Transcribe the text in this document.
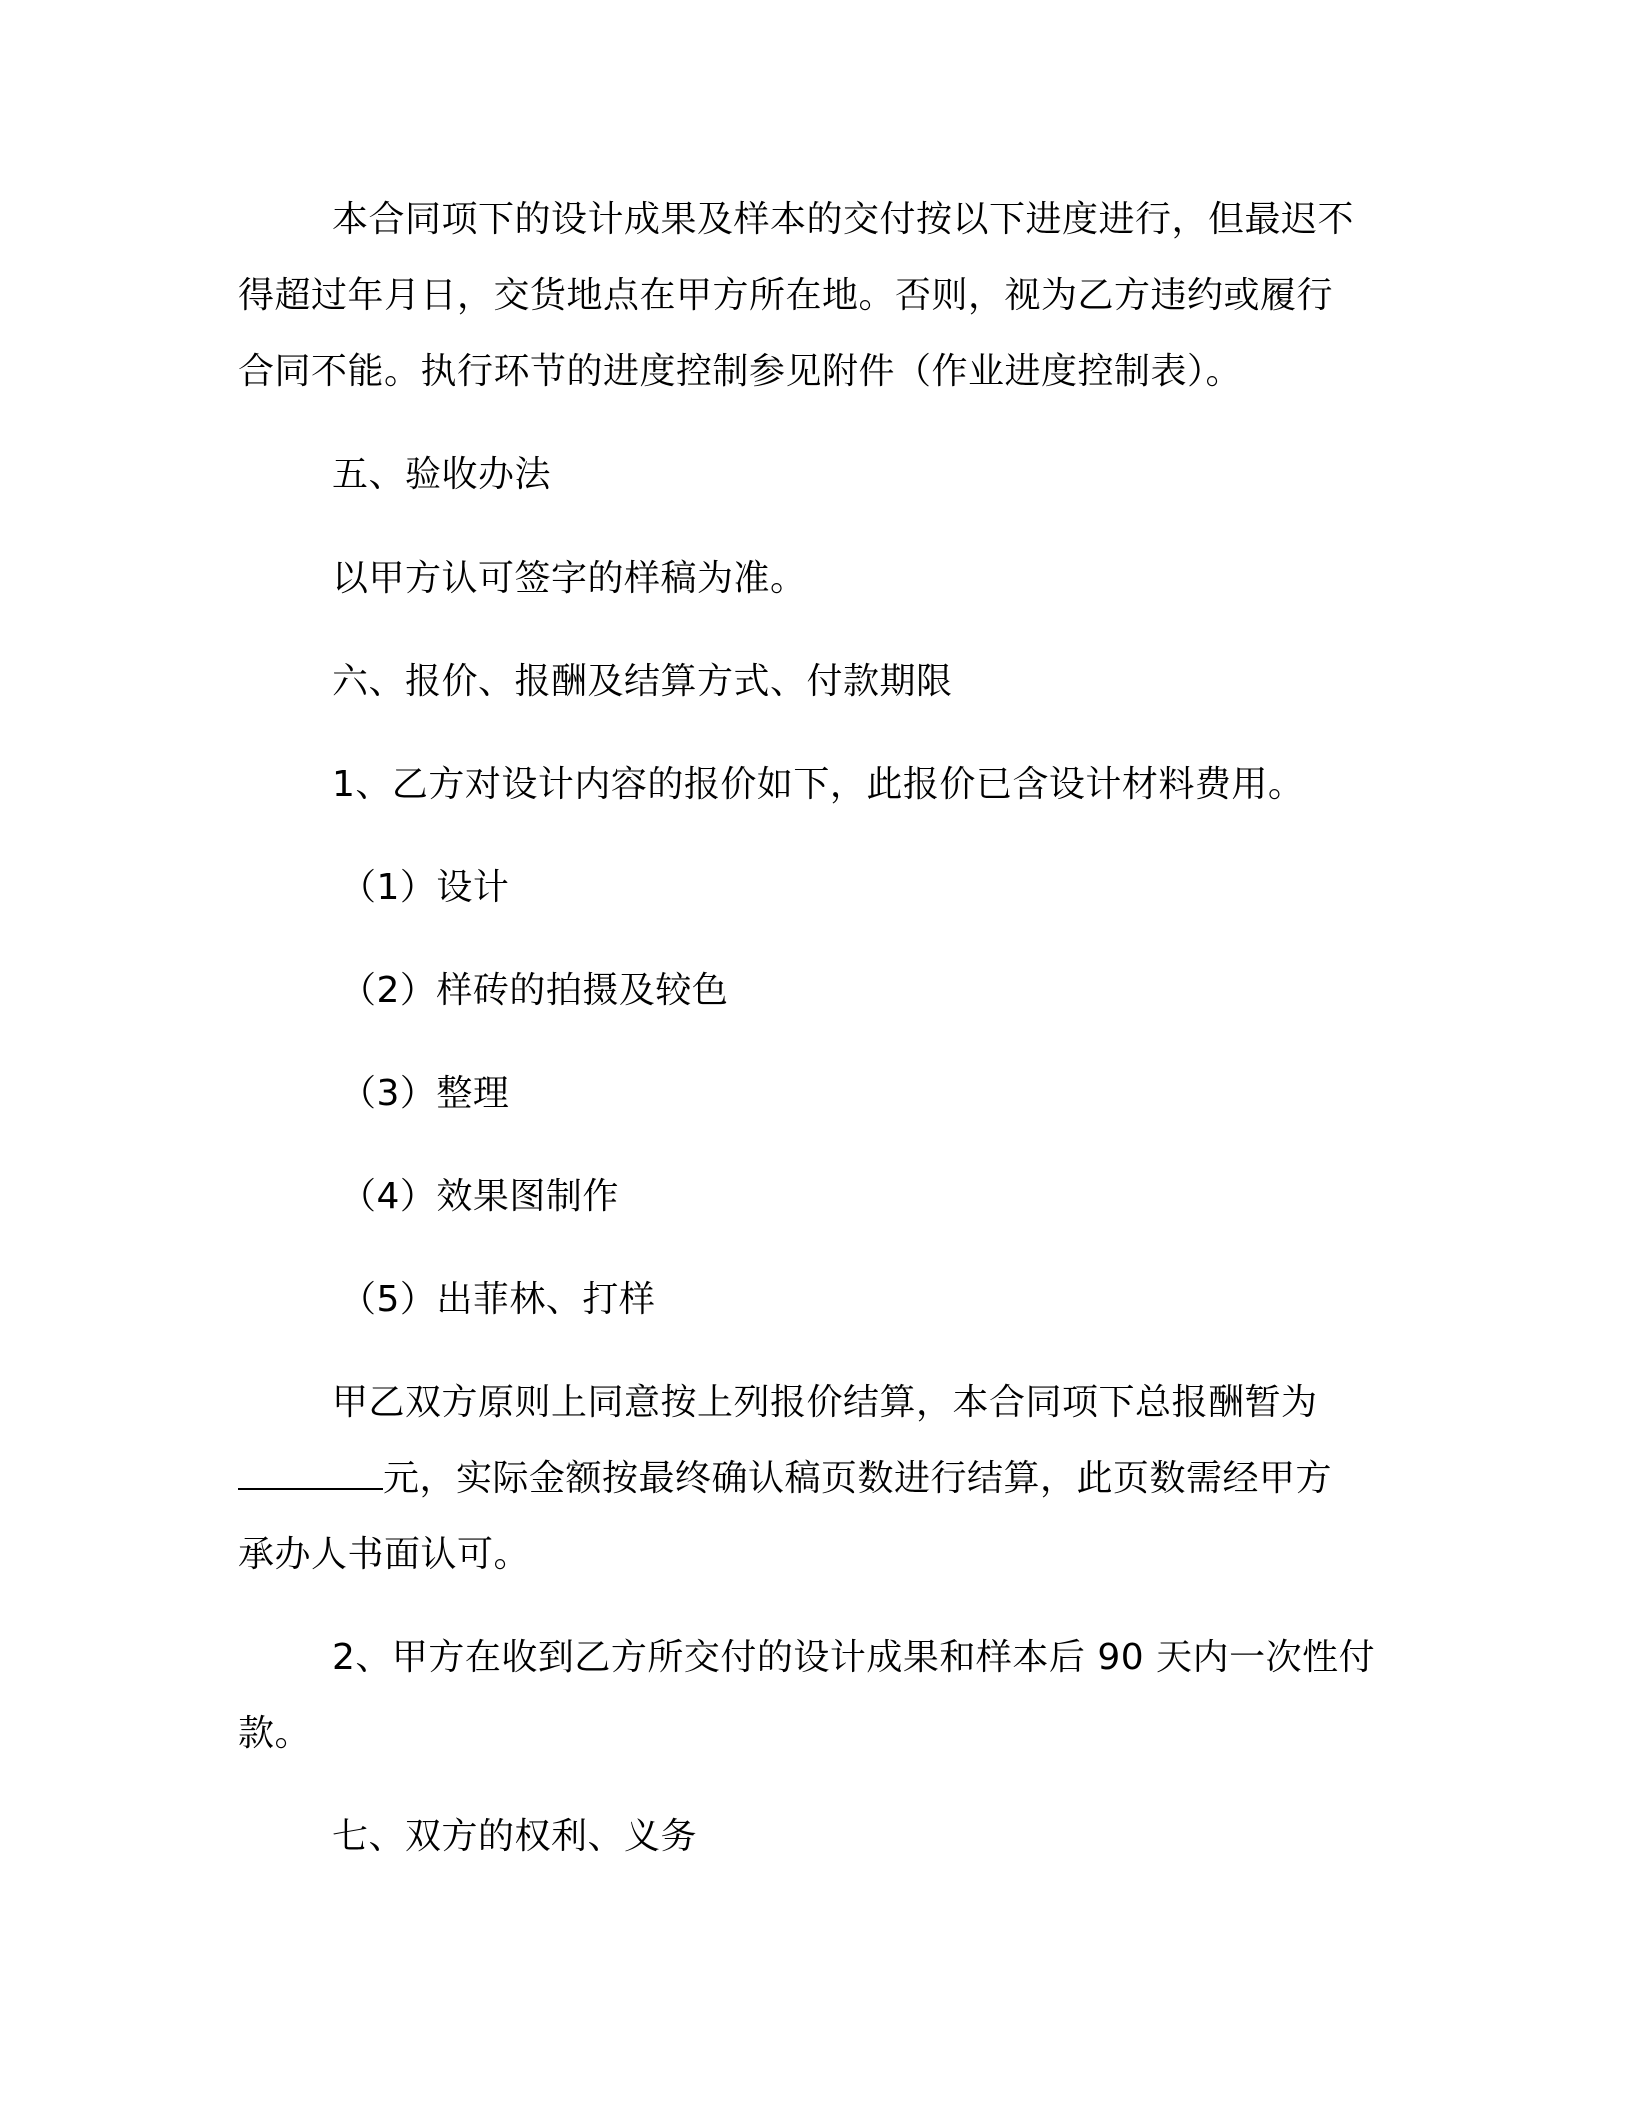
本合同项下的设计成果及样本的交付按以下进度进行，但最迟不
得超过年月日，交货地点在甲方所在地。否则，视为乙方违约或履行
合同不能。执行环节的进度控制参见附件（作业进度控制表）。
五、验收办法
以甲方认可签字的样稿为准。
六、报价、报酬及结算方式、付款期限
1、乙方对设计内容的报价如下，此报价已含设计材料费用。
（1）设计
（2）样砖的拍摄及较色
（3）整理
（4）效果图制作
（5）出菲林、打样
甲乙双方原则上同意按上列报价结算，本合同项下总报酬暂为
元，实际金额按最终确认稿页数进行结算，此页数需经甲方
承办人书面认可。
2、甲方在收到乙方所交付的设计成果和样本后 90 天内一次性付
款。
七、双方的权利、义务
